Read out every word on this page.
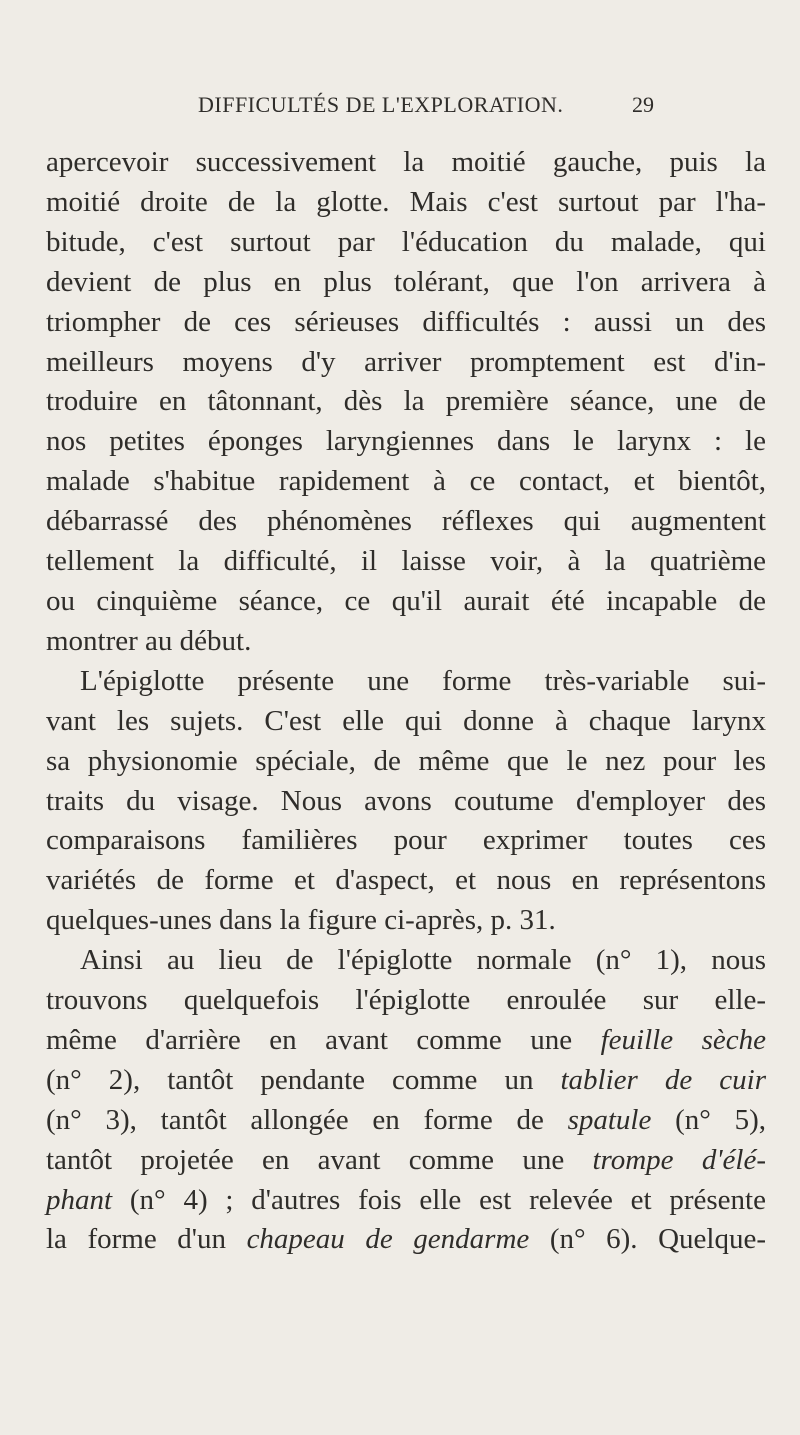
DIFFICULTÉS DE L'EXPLORATION.	29
apercevoir successivement la moitié gauche, puis la
moitié droite de la glotte. Mais c'est surtout par l'ha-
bitude, c'est surtout par l'éducation du malade, qui
devient de plus en plus tolérant, que l'on arrivera à
triompher de ces sérieuses difficultés : aussi un des
meilleurs moyens d'y arriver promptement est d'in-
troduire en tâtonnant, dès la première séance, une de
nos petites éponges laryngiennes dans le larynx : le
malade s'habitue rapidement à ce contact, et bientôt,
débarrassé des phénomènes réflexes qui augmentent
tellement la difficulté, il laisse voir, à la quatrième
ou cinquième séance, ce qu'il aurait été incapable de
montrer au début.
L'épiglotte présente une forme très-variable sui-
vant les sujets. C'est elle qui donne à chaque larynx
sa physionomie spéciale, de même que le nez pour les
traits du visage. Nous avons coutume d'employer des
comparaisons familières pour exprimer toutes ces
variétés de forme et d'aspect, et nous en représentons
quelques-unes dans la figure ci-après, p. 31.
Ainsi au lieu de l'épiglotte normale (n° 1), nous
trouvons quelquefois l'épiglotte enroulée sur elle-
même d'arrière en avant comme une feuille sèche
(n° 2), tantôt pendante comme un tablier de cuir
(n° 3), tantôt allongée en forme de spatule (n° 5),
tantôt projetée en avant comme une trompe d'élé-
phant (n° 4) ; d'autres fois elle est relevée et présente
la forme d'un chapeau de gendarme (n° 6). Quelque-
